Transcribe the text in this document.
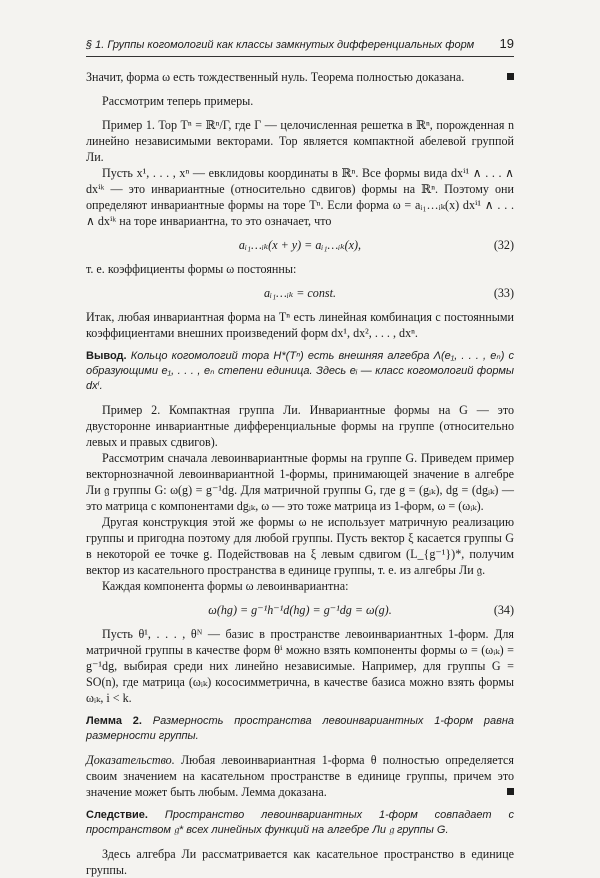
§ 1. Группы когомологий как классы замкнутых дифференциальных форм 19

Значит, форма ω есть тождественный нуль. Теорема полностью доказана.

Рассмотрим теперь примеры.

Пример 1. Тор Tⁿ = ℝⁿ/Γ, где Γ — целочисленная решетка в ℝⁿ, порожденная n линейно независимыми векторами. Тор является компактной абелевой группой Ли.

Пусть x¹, . . . , xⁿ — евклидовы координаты в ℝⁿ. Все формы вида dxⁱ¹ ∧ . . . ∧ dxⁱᵏ — это инвариантные (относительно сдвигов) формы на ℝⁿ. Поэтому они определяют инвариантные формы на торе Tⁿ. Если форма ω = aᵢ₁…ᵢₖ(x) dxⁱ¹ ∧ . . . ∧ dxⁱᵏ на торе инвариантна, то это означает, что

aᵢ₁…ᵢₖ(x + y) = aᵢ₁…ᵢₖ(x),	(32)

т. е. коэффициенты формы ω постоянны:

aᵢ₁…ᵢₖ = const.	(33)

Итак, любая инвариантная форма на Tⁿ есть линейная комбинация с постоянными коэффициентами внешних произведений форм dx¹, dx², . . . , dxⁿ.

Вывод. Кольцо когомологий тора H*(Tⁿ) есть внешняя алгебра Λ(e₁, . . . , eₙ) с образующими e₁, . . . , eₙ степени единица. Здесь eᵢ — класс когомологий формы dxⁱ.

Пример 2. Компактная группа Ли. Инвариантные формы на G — это двусторонне инвариантные дифференциальные формы на группе (относительно левых и правых сдвигов).

Рассмотрим сначала левоинвариантные формы на группе G. Приведем пример векторнозначной левоинвариантной 1-формы, принимающей значение в алгебре Ли 𝔤 группы G: ω(g) = g⁻¹dg. Для матричной группы G, где g = (gᵢₖ), dg = (dgᵢₖ) — это матрица с компонентами dgᵢₖ, ω — это тоже матрица из 1-форм, ω = (ωᵢₖ).

Другая конструкция этой же формы ω не использует матричную реализацию группы и пригодна поэтому для любой группы. Пусть вектор ξ касается группы G в некоторой ее точке g. Подействовав на ξ левым сдвигом (L_{g⁻¹})*, получим вектор из касательного пространства в единице группы, т. е. из алгебры Ли 𝔤.

Каждая компонента формы ω левоинвариантна:

ω(hg) = g⁻¹h⁻¹d(hg) = g⁻¹dg = ω(g).	(34)

Пусть θ¹, . . . , θᴺ — базис в пространстве левоинвариантных 1-форм. Для матричной группы в качестве форм θⁱ можно взять компоненты формы ω = (ωᵢₖ) = g⁻¹dg, выбирая среди них линейно независимые. Например, для группы G = SO(n), где матрица (ωᵢₖ) кососимметрична, в качестве базиса можно взять формы ωᵢₖ, i < k.

Лемма 2. Размерность пространства левоинвариантных 1-форм равна размерности группы.

Доказательство. Любая левоинвариантная 1-форма θ полностью определяется своим значением на касательном пространстве в единице группы, причем это значение может быть любым. Лемма доказана.

Следствие. Пространство левоинвариантных 1-форм совпадает с пространством 𝔤* всех линейных функций на алгебре Ли 𝔤 группы G.

Здесь алгебра Ли рассматривается как касательное пространство в единице группы.
